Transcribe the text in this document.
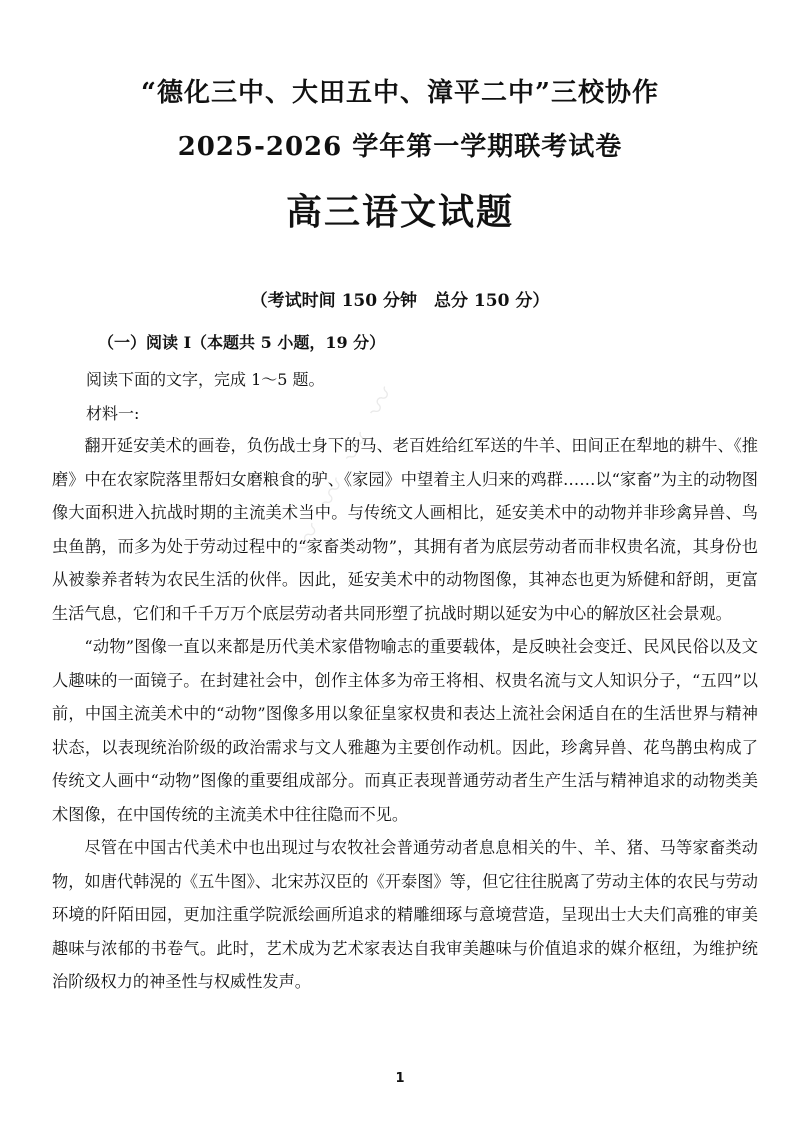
〰 〰 〰 〰
“德化三中、大田五中、漳平二中”三校协作
2025-2026 学年第一学期联考试卷
高三语文试题
（考试时间 150 分钟　总分 150 分）
（一）阅读 I（本题共 5 小题，19 分）
阅读下面的文字，完成 1～5 题。
材料一:

翻开延安美术的画卷，负伤战士身下的马、老百姓给红军送的牛羊、田间正在犁地的耕牛、《推磨》中在农家院落里帮妇女磨粮食的驴、《家园》中望着主人归来的鸡群……以“家畜”为主的动物图像大面积进入抗战时期的主流美术当中。与传统文人画相比，延安美术中的动物并非珍禽异兽、鸟虫鱼鹊，而多为处于劳动过程中的“家畜类动物”，其拥有者为底层劳动者而非权贵名流，其身份也从被豢养者转为农民生活的伙伴。因此，延安美术中的动物图像，其神态也更为矫健和舒朗，更富生活气息，它们和千千万万个底层劳动者共同形塑了抗战时期以延安为中心的解放区社会景观。

“动物”图像一直以来都是历代美术家借物喻志的重要载体，是反映社会变迁、民风民俗以及文人趣味的一面镜子。在封建社会中，创作主体多为帝王将相、权贵名流与文人知识分子，“五四”以前，中国主流美术中的“动物”图像多用以象征皇家权贵和表达上流社会闲适自在的生活世界与精神状态，以表现统治阶级的政治需求与文人雅趣为主要创作动机。因此，珍禽异兽、花鸟鹊虫构成了传统文人画中“动物”图像的重要组成部分。而真正表现普通劳动者生产生活与精神追求的动物类美术图像，在中国传统的主流美术中往往隐而不见。

尽管在中国古代美术中也出现过与农牧社会普通劳动者息息相关的牛、羊、猪、马等家畜类动物，如唐代韩滉的《五牛图》、北宋苏汉臣的《开泰图》等，但它往往脱离了劳动主体的农民与劳动环境的阡陌田园，更加注重学院派绘画所追求的精雕细琢与意境营造，呈现出士大夫们高雅的审美趣味与浓郁的书卷气。此时，艺术成为艺术家表达自我审美趣味与价值追求的媒介枢纽，为维护统治阶级权力的神圣性与权威性发声。

1
